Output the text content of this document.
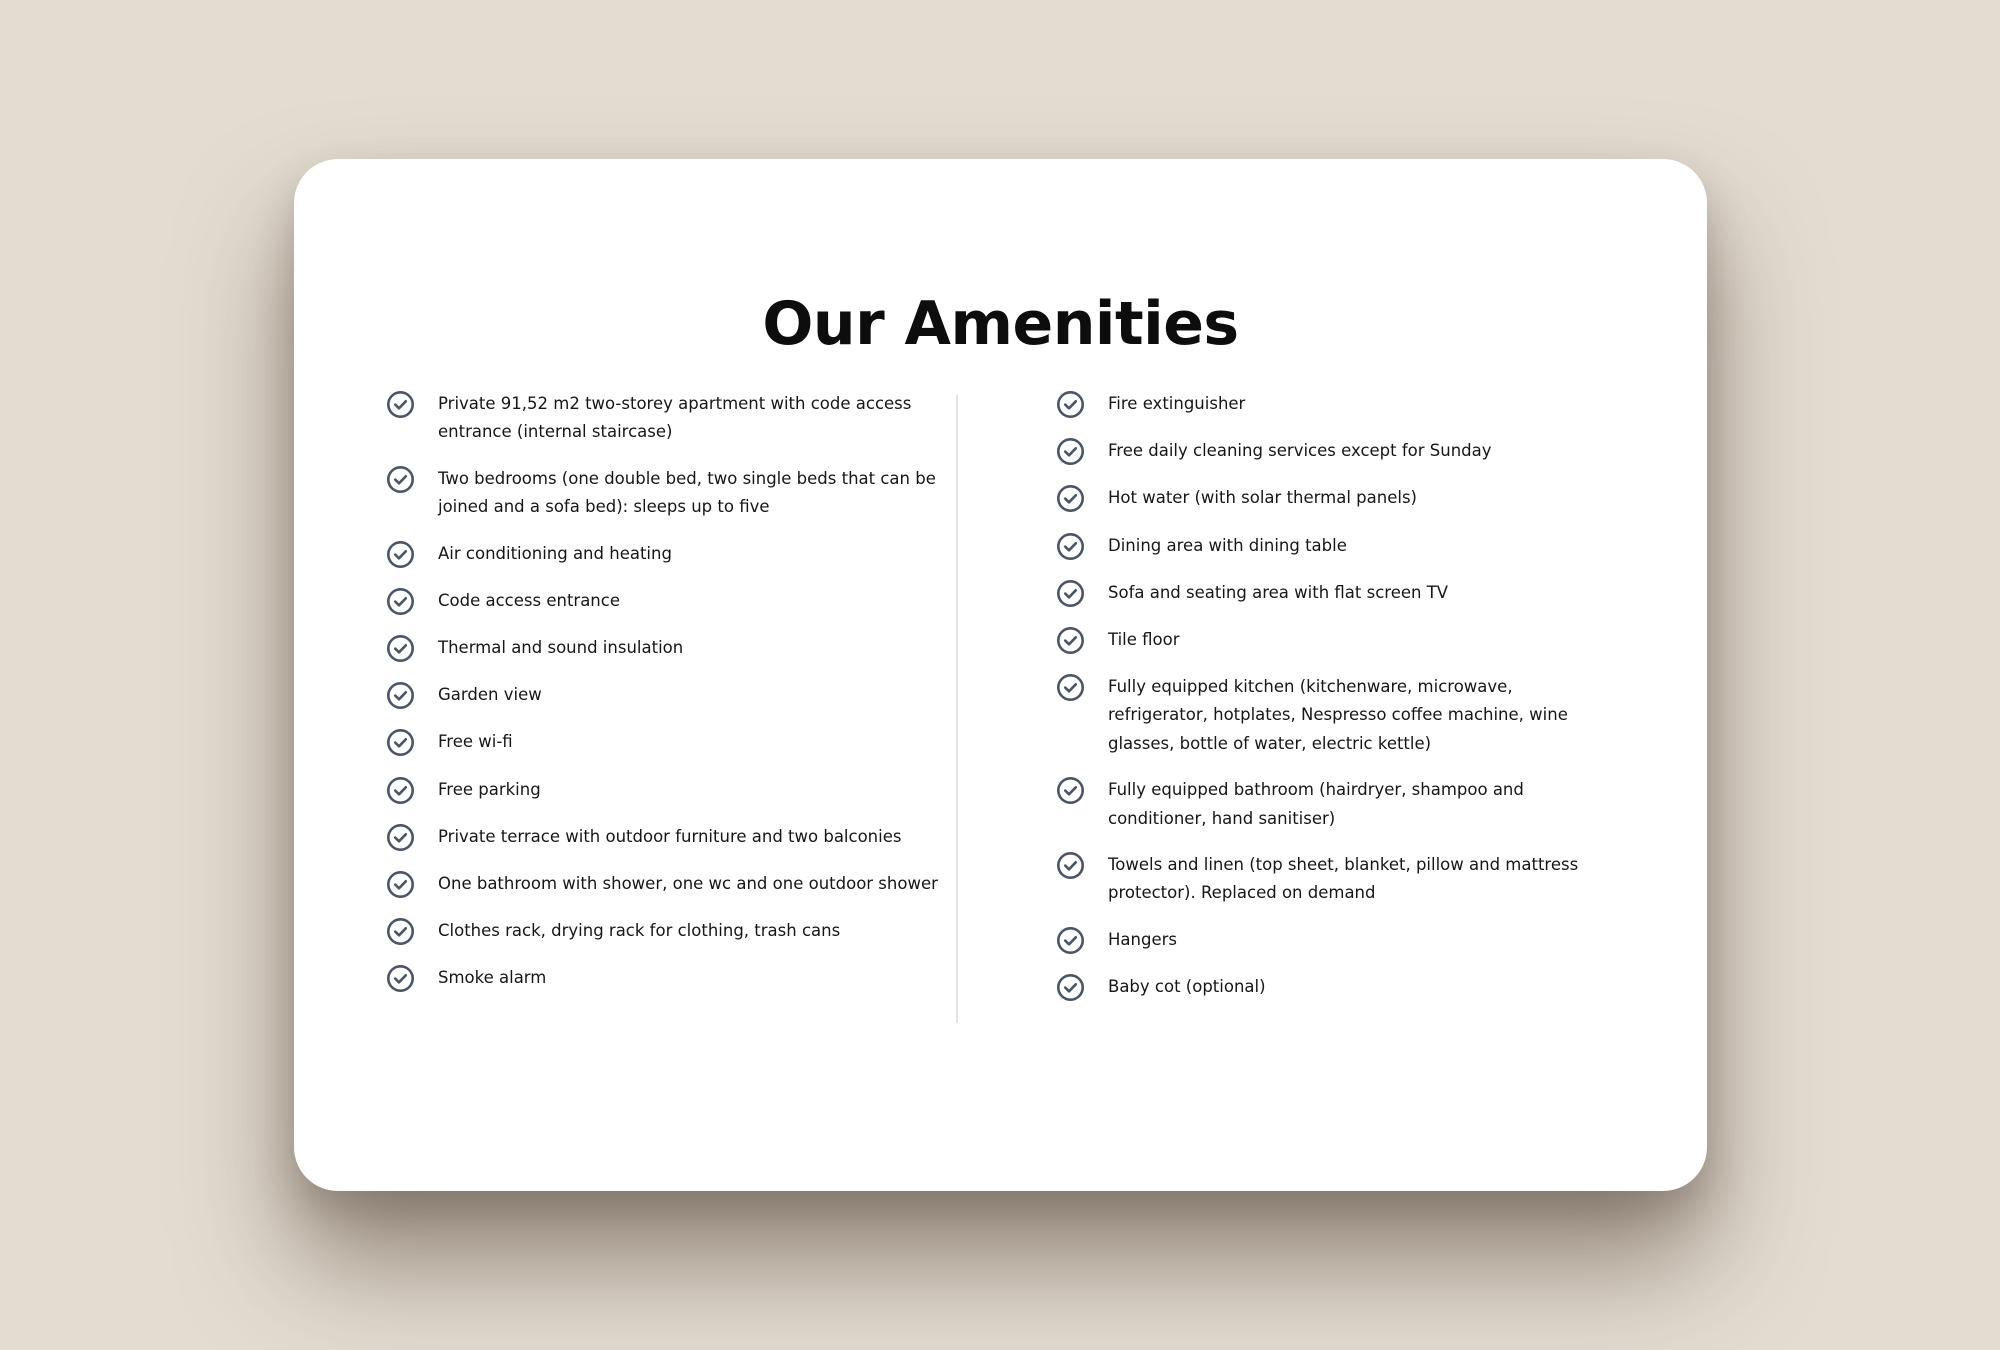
Our Amenities
Private 91,52 m2 two-storey apartment with code access entrance (internal staircase)
Two bedrooms (one double bed, two single beds that can be joined and a sofa bed): sleeps up to five
Air conditioning and heating
Code access entrance
Thermal and sound insulation
Garden view
Free wi-fi
Free parking
Private terrace with outdoor furniture and two balconies
One bathroom with shower, one wc and one outdoor shower
Clothes rack, drying rack for clothing, trash cans
Smoke alarm
Fire extinguisher
Free daily cleaning services except for Sunday
Hot water (with solar thermal panels)
Dining area with dining table
Sofa and seating area with flat screen TV
Tile floor
Fully equipped kitchen (kitchenware, microwave, refrigerator, hotplates, Nespresso coffee machine, wine glasses, bottle of water, electric kettle)
Fully equipped bathroom (hairdryer, shampoo and conditioner, hand sanitiser)
Towels and linen (top sheet, blanket, pillow and mattress protector). Replaced on demand
Hangers
Baby cot (optional)
